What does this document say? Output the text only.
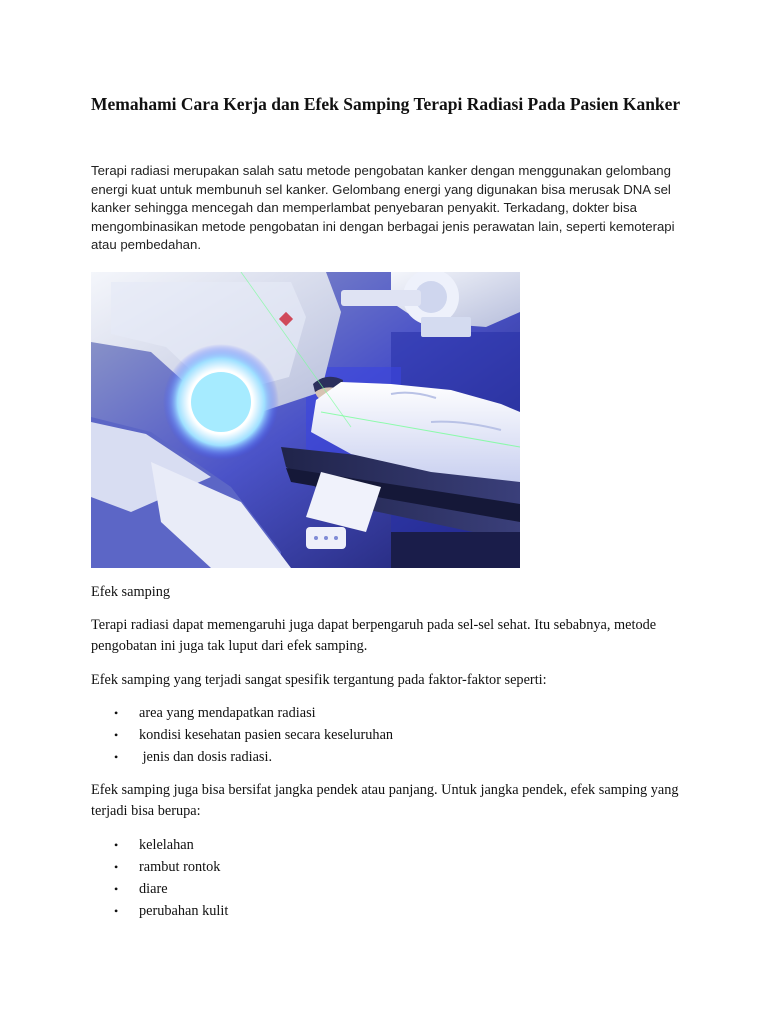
Memahami Cara Kerja dan Efek Samping Terapi Radiasi Pada Pasien Kanker

Terapi radiasi merupakan salah satu metode pengobatan kanker dengan menggunakan gelombang energi kuat untuk membunuh sel kanker. Gelombang energi yang digunakan bisa merusak DNA sel kanker sehingga mencegah dan memperlambat penyebaran penyakit. Terkadang, dokter bisa mengombinasikan metode pengobatan ini dengan berbagai jenis perawatan lain, seperti kemoterapi atau pembedahan.

Efek samping

Terapi radiasi dapat memengaruhi juga dapat berpengaruh pada sel-sel sehat. Itu sebabnya, metode pengobatan ini juga tak luput dari efek samping.

Efek samping yang terjadi sangat spesifik tergantung pada faktor-faktor seperti:

• area yang mendapatkan radiasi
• kondisi kesehatan pasien secara keseluruhan
• jenis dan dosis radiasi.

Efek samping juga bisa bersifat jangka pendek atau panjang. Untuk jangka pendek, efek samping yang terjadi bisa berupa:

• kelelahan
• rambut rontok
• diare
• perubahan kulit
